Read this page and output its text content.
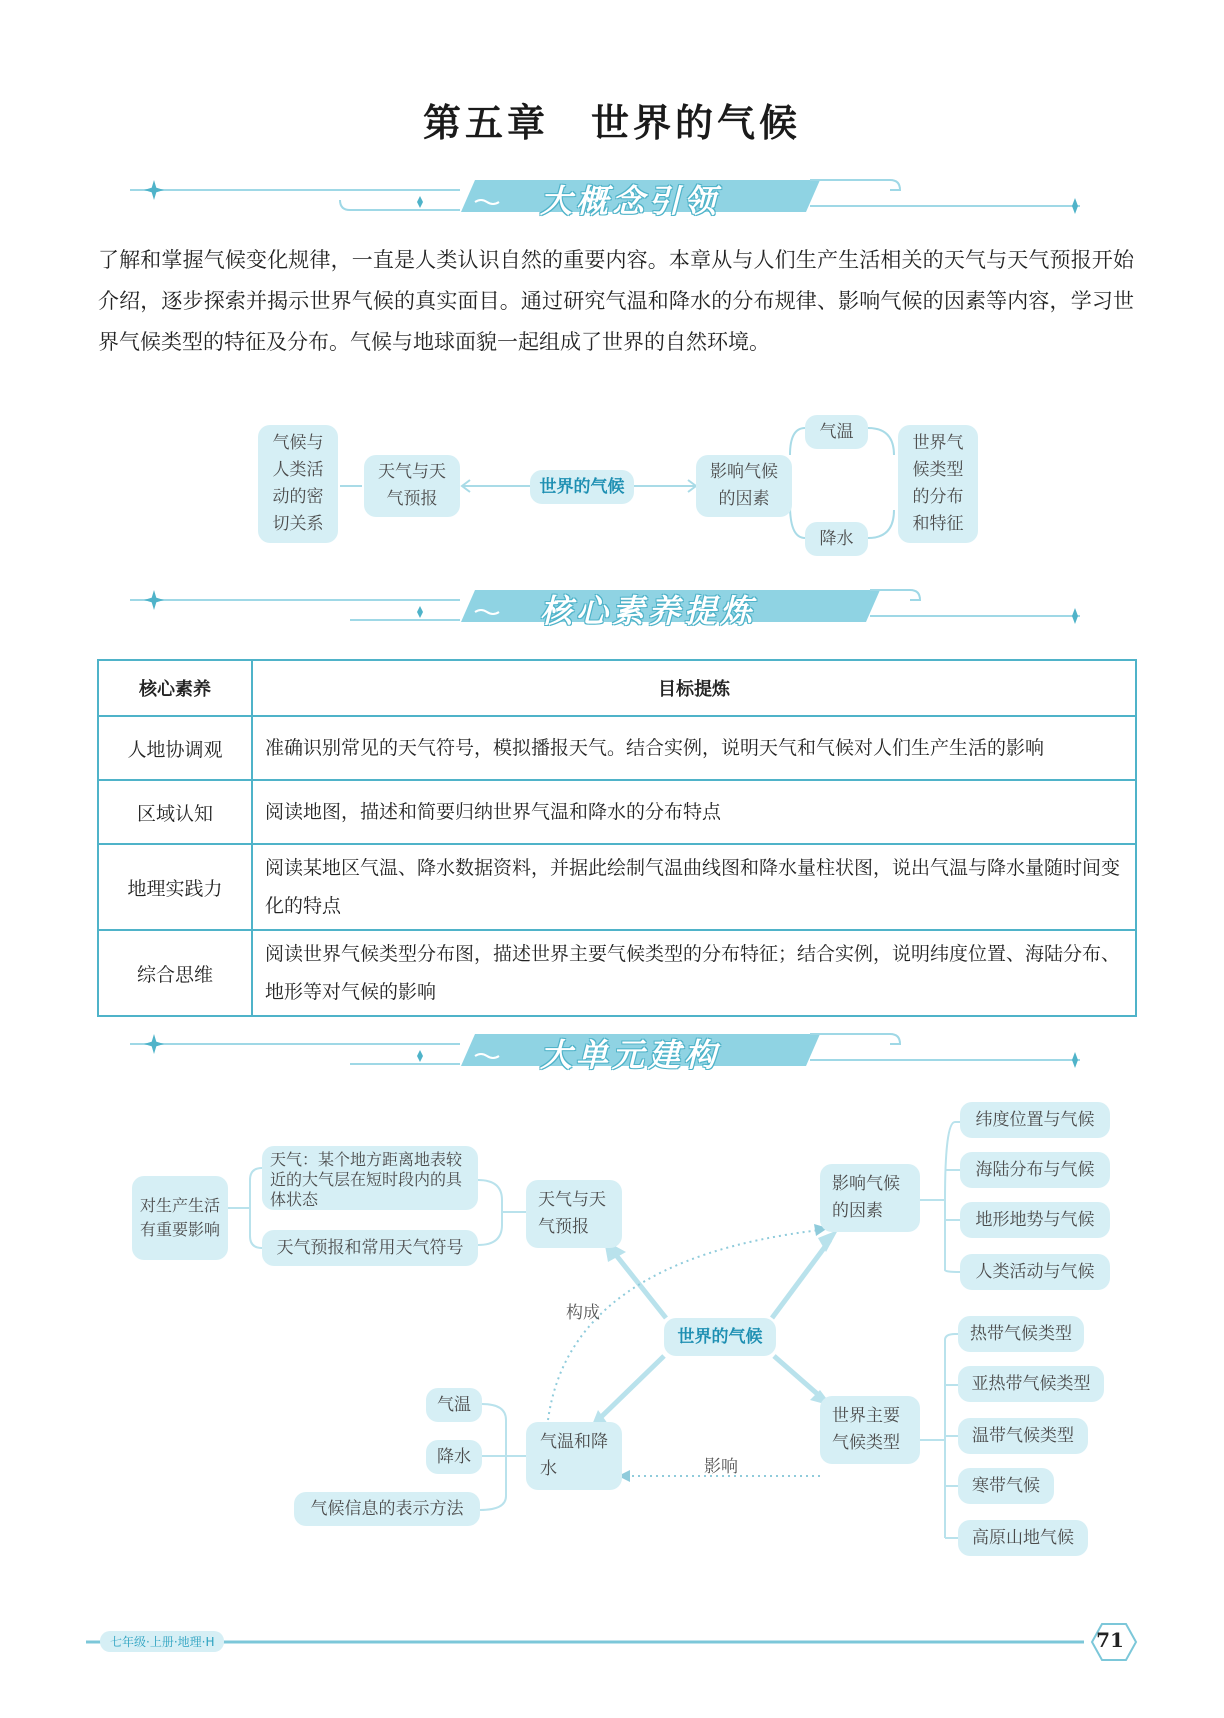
第五章　世界的气候
大概念引领
了解和掌握气候变化规律，一直是人类认识自然的重要内容。本章从与人们生产生活相关的天气与天气预报开始介绍，逐步探索并揭示世界气候的真实面目。通过研究气温和降水的分布规律、影响气候的因素等内容，学习世界气候类型的特征及分布。气候与地球面貌一起组成了世界的自然环境。
气候与人类活动的密切关系
天气与天气预报
世界的气候
影响气候的因素
气温
降水
世界气候类型的分布和特征
核心素养提炼
核心素养	目标提炼
人地协调观	准确识别常见的天气符号，模拟播报天气。结合实例，说明天气和气候对人们生产生活的影响
区域认知	阅读地图，描述和简要归纳世界气温和降水的分布特点
地理实践力	阅读某地区气温、降水数据资料，并据此绘制气温曲线图和降水量柱状图，说出气温与降水量随时间变化的特点
综合思维	阅读世界气候类型分布图，描述世界主要气候类型的分布特征；结合实例，说明纬度位置、海陆分布、地形等对气候的影响
大单元建构
对生产生活有重要影响
天气：某个地方距离地表较近的大气层在短时段内的具体状态
天气预报和常用天气符号
天气与天气预报
世界的气候
构成
影响
气温
降水
气候信息的表示方法
气温和降水
影响气候的因素
纬度位置与气候
海陆分布与气候
地形地势与气候
人类活动与气候
世界主要气候类型
热带气候类型
亚热带气候类型
温带气候类型
寒带气候
高原山地气候
七年级·上册·地理·H	71
